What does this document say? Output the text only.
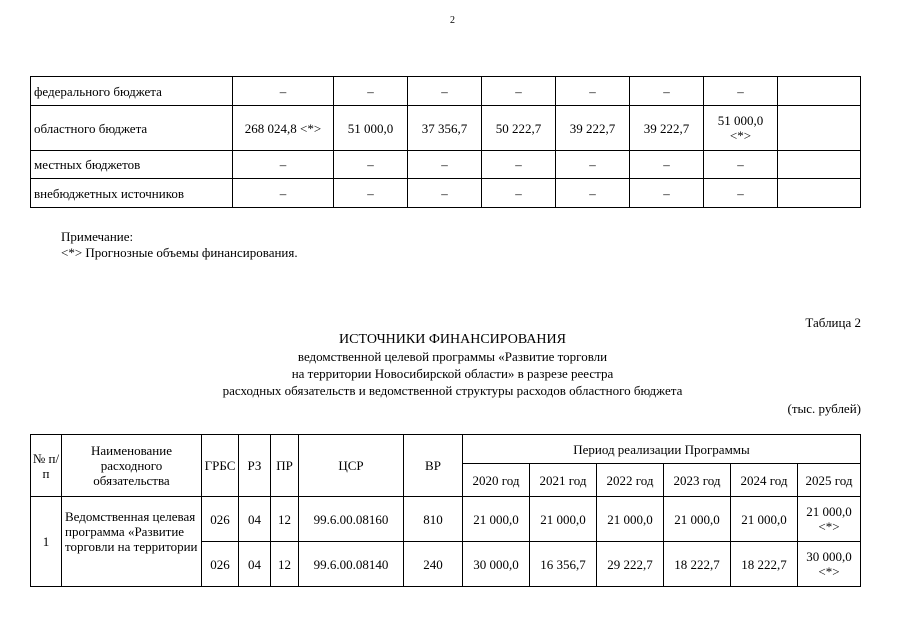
2
федерального бюджета	–	–	–	–	–	–	–	
областного бюджета	268 024,8 <*>	51 000,0	37 356,7	50 222,7	39 222,7	39 222,7	51 000,0 <*>	
местных бюджетов	–	–	–	–	–	–	–	
внебюджетных источников	–	–	–	–	–	–	–	
Примечание:
<*> Прогнозные объемы финансирования.
Таблица 2
ИСТОЧНИКИ ФИНАНСИРОВАНИЯ
ведомственной целевой программы «Развитие торговли
на территории Новосибирской области» в разрезе реестра
расходных обязательств и ведомственной структуры расходов областного бюджета
(тыс. рублей)
№ п/п	Наименование расходного обязательства	ГРБС	РЗ	ПР	ЦСР	ВР	Период реализации Программы					
							2020 год	2021 год	2022 год	2023 год	2024 год	2025 год
1	Ведомственная целевая программа «Развитие торговли на территории	026	04	12	99.6.00.08160	810	21 000,0	21 000,0	21 000,0	21 000,0	21 000,0	21 000,0 <*>
		026	04	12	99.6.00.08140	240	30 000,0	16 356,7	29 222,7	18 222,7	18 222,7	30 000,0 <*>
